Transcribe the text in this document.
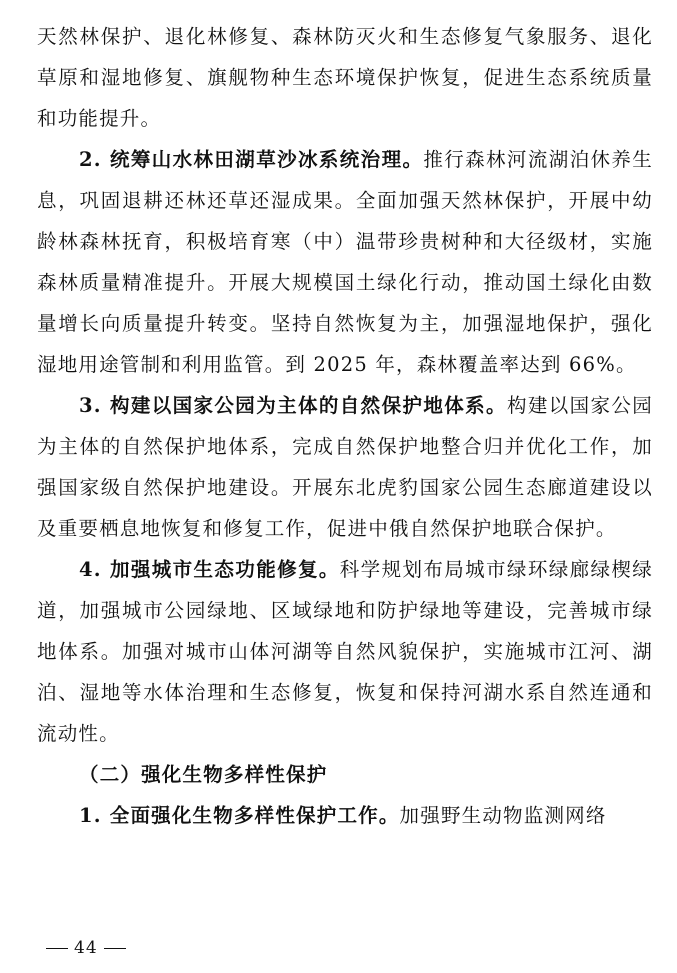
天然林保护、退化林修复、森林防灭火和生态修复气象服务、退化草原和湿地修复、旗舰物种生态环境保护恢复，促进生态系统质量和功能提升。

2. 统筹山水林田湖草沙冰系统治理。推行森林河流湖泊休养生息，巩固退耕还林还草还湿成果。全面加强天然林保护，开展中幼龄林森林抚育，积极培育寒（中）温带珍贵树种和大径级材，实施森林质量精准提升。开展大规模国土绿化行动，推动国土绿化由数量增长向质量提升转变。坚持自然恢复为主，加强湿地保护，强化湿地用途管制和利用监管。到 2025 年，森林覆盖率达到 66%。

3. 构建以国家公园为主体的自然保护地体系。构建以国家公园为主体的自然保护地体系，完成自然保护地整合归并优化工作，加强国家级自然保护地建设。开展东北虎豹国家公园生态廊道建设以及重要栖息地恢复和修复工作，促进中俄自然保护地联合保护。

4. 加强城市生态功能修复。科学规划布局城市绿环绿廊绿楔绿道，加强城市公园绿地、区域绿地和防护绿地等建设，完善城市绿地体系。加强对城市山体河湖等自然风貌保护，实施城市江河、湖泊、湿地等水体治理和生态修复，恢复和保持河湖水系自然连通和流动性。

（二）强化生物多样性保护

1. 全面强化生物多样性保护工作。加强野生动物监测网络

44
